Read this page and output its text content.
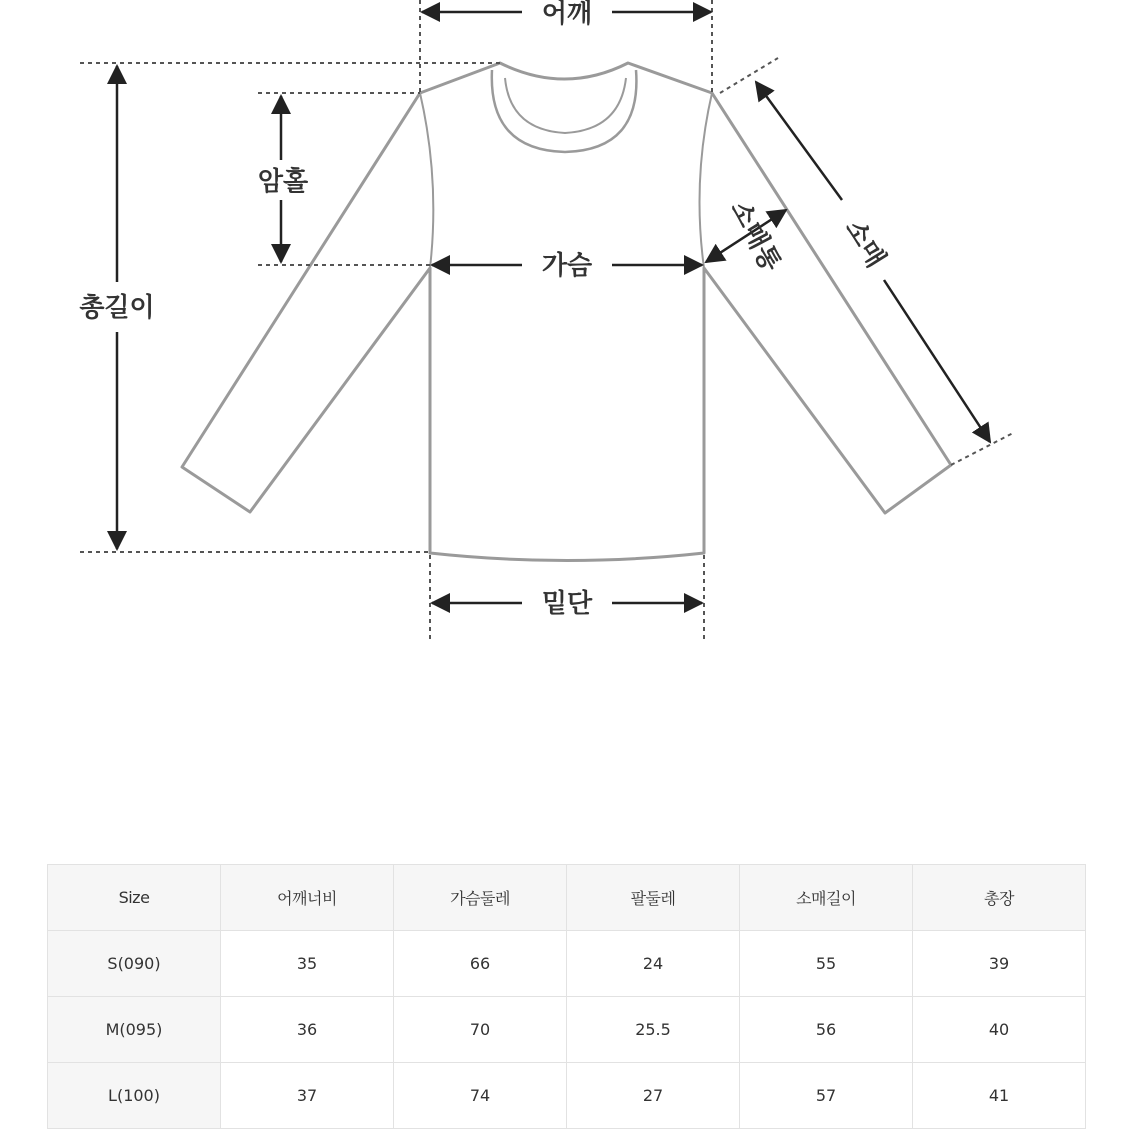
어깨
암홀
총길이
가슴
밑단
소매통 소매
Size	어깨너비	가슴둘레	팔둘레	소매길이	총장
S(090)	35	66	24	55	39
M(095)	36	70	25.5	56	40
L(100)	37	74	27	57	41
